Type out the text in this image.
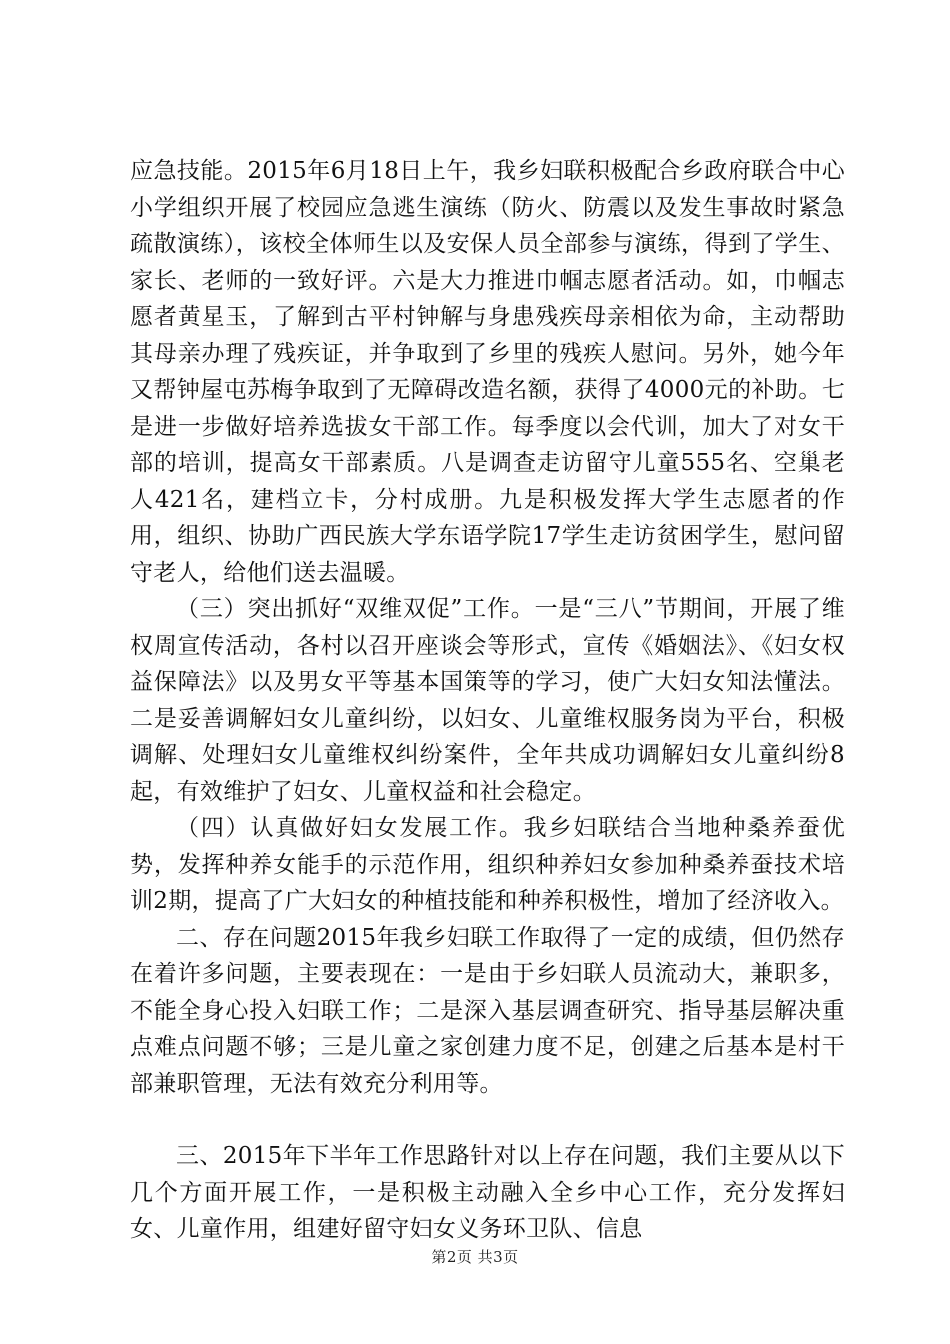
应急技能。2015年6月18日上午，我乡妇联积极配合乡政府联合中心小学组织开展了校园应急逃生演练（防火、防震以及发生事故时紧急疏散演练），该校全体师生以及安保人员全部参与演练，得到了学生、家长、老师的一致好评。六是大力推进巾帼志愿者活动。如，巾帼志愿者黄星玉，了解到古平村钟解与身患残疾母亲相依为命，主动帮助其母亲办理了残疾证，并争取到了乡里的残疾人慰问。另外，她今年又帮钟屋屯苏梅争取到了无障碍改造名额，获得了4000元的补助。七是进一步做好培养选拔女干部工作。每季度以会代训，加大了对女干部的培训，提高女干部素质。八是调查走访留守儿童555名、空巢老人421名，建档立卡，分村成册。九是积极发挥大学生志愿者的作用，组织、协助广西民族大学东语学院17学生走访贫困学生，慰问留守老人，给他们送去温暖。

（三）突出抓好“双维双促”工作。一是“三八”节期间，开展了维权周宣传活动，各村以召开座谈会等形式，宣传《婚姻法》、《妇女权益保障法》以及男女平等基本国策等的学习，使广大妇女知法懂法。二是妥善调解妇女儿童纠纷，以妇女、儿童维权服务岗为平台，积极调解、处理妇女儿童维权纠纷案件，全年共成功调解妇女儿童纠纷8起，有效维护了妇女、儿童权益和社会稳定。

（四）认真做好妇女发展工作。我乡妇联结合当地种桑养蚕优势，发挥种养女能手的示范作用，组织种养妇女参加种桑养蚕技术培训2期，提高了广大妇女的种植技能和种养积极性，增加了经济收入。

二、存在问题2015年我乡妇联工作取得了一定的成绩，但仍然存在着许多问题，主要表现在：一是由于乡妇联人员流动大，兼职多，不能全身心投入妇联工作；二是深入基层调查研究、指导基层解决重点难点问题不够；三是儿童之家创建力度不足，创建之后基本是村干部兼职管理，无法有效充分利用等。

三、2015年下半年工作思路针对以上存在问题，我们主要从以下几个方面开展工作，一是积极主动融入全乡中心工作，充分发挥妇女、儿童作用，组建好留守妇女义务环卫队、信息

第2页 共3页
